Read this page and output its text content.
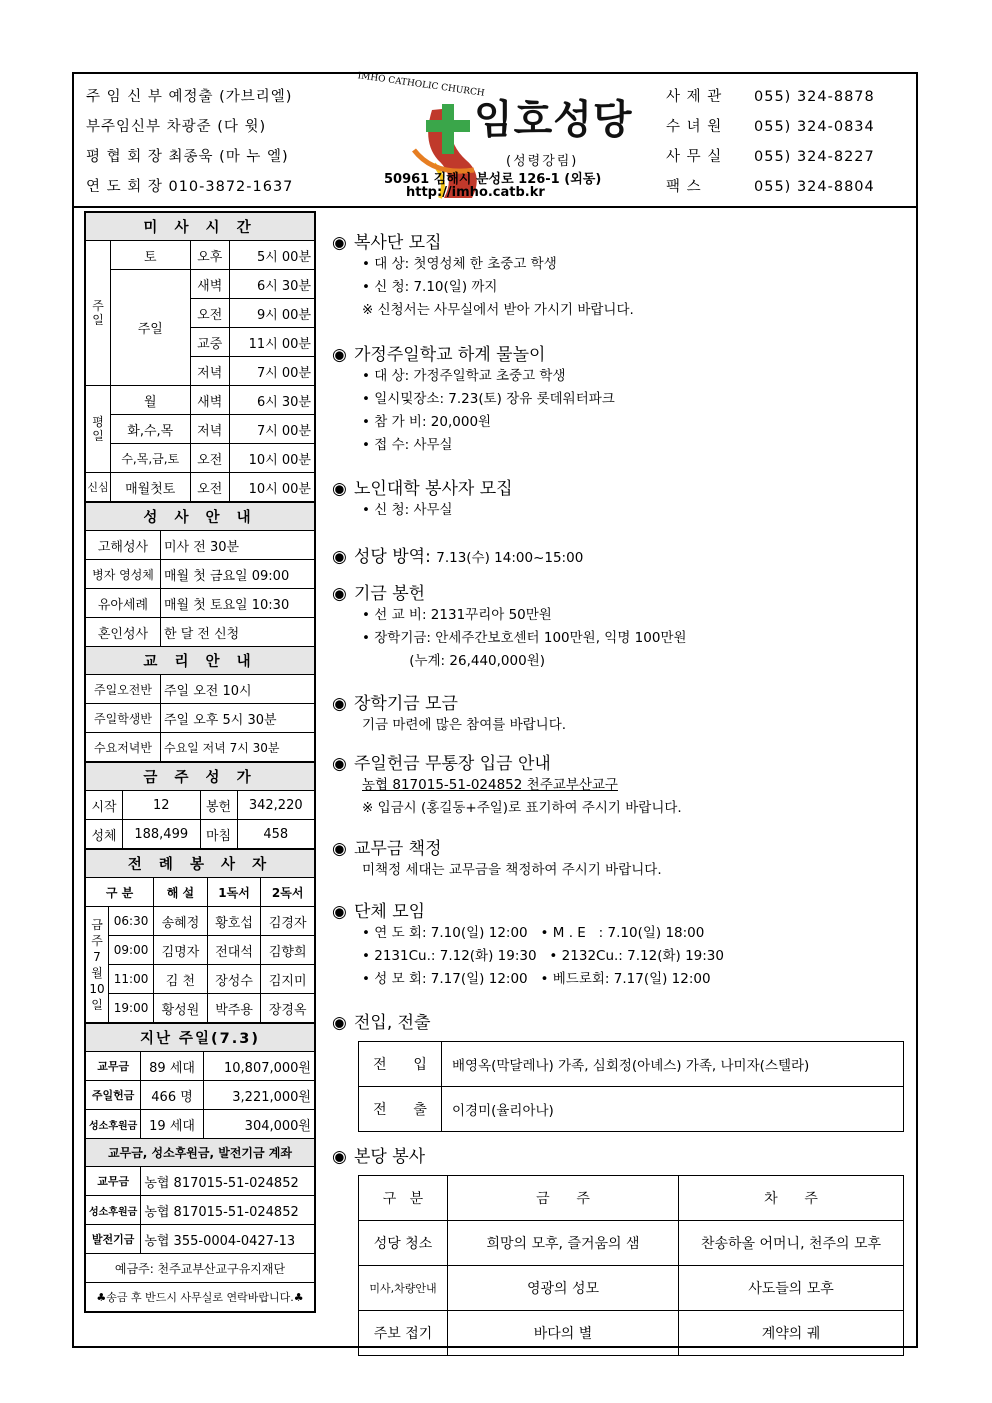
주 임 신 부 예정출 (가브리엘)
부주임신부 차광준 (다 윗)
평 협 회 장 최종욱 (마 누 엘)
연 도 회 장 010-3872-1637
IMHO CATHOLIC CHURCH
임호성당
(성령강림)
50961 김해시 분성로 126-1 (외동)
http://imho.catb.kr
사 제 관 055) 324-8878
수 녀 원 055) 324-0834
사 무 실 055) 324-8227
팩 스	055) 324-8804
미 사 시 간			
주일	토	오후	5시 00분
	주일	새벽	6시 30분
		오전	9시 00분
		교중	11시 00분
		저녁	7시 00분
평일	월	새벽	6시 30분
	화,수,목	저녁	7시 00분
	수,목,금,토	오전	10시 00분
신심	매월첫토	오전	10시 00분
성 사 안 내	
고해성사	미사 전 30분
병자 영성체	매월 첫 금요일 09:00
유아세례	매월 첫 토요일 10:30
혼인성사	한 달 전 신청
교 리 안 내	
주일오전반	주일 오전 10시
주일학생반	주일 오후 5시 30분
수요저녁반	수요일 저녁 7시 30분
금 주 성 가			
시작	12	봉헌	342,220
성체	188,499	마침	458
전 례 봉 사 자				
구 분		해 설	1독서	2독서
금주 7월 10일	06:30	송혜정	황호섭	김경자
	09:00	김명자	전대석	김향희
	11:00	김 천	장성수	김지미
	19:00	황성원	박주용	장경옥
지난 주일(7.3)		
교무금	89 세대	10,807,000원
주일헌금	466 명	3,221,000원
성소후원금	19 세대	304,000원
교무금, 성소후원금, 발전기금 계좌		
교무금	농협 817015-51-024852	
성소후원금	농협 817015-51-024852	
발전기금	농협 355-0004-0427-13	
예금주: 천주교부산교구유지재단		
♣송금 후 반드시 사무실로 연락바랍니다.♣		
◉ 복사단 모집
• 대 상: 첫영성체 한 초중고 학생
• 신 청: 7.10(일) 까지
※ 신청서는 사무실에서 받아 가시기 바랍니다.
◉ 가정주일학교 하계 물놀이
• 대 상: 가정주일학교 초중고 학생
• 일시및장소: 7.23(토) 장유 롯데워터파크
• 참 가 비: 20,000원
• 접 수: 사무실
◉ 노인대학 봉사자 모집
• 신 청: 사무실
◉ 성당 방역: 7.13(수) 14:00~15:00
◉ 기금 봉헌
• 선 교 비: 2131꾸리아 50만원
• 장학기금: 안세주간보호센터 100만원, 익명 100만원
(누계: 26,440,000원)
◉ 장학기금 모금
기금 마련에 많은 참여를 바랍니다.
◉ 주일헌금 무통장 입금 안내
농협 817015-51-024852 천주교부산교구
※ 입금시 (홍길동+주일)로 표기하여 주시기 바랍니다.
◉ 교무금 책정
미책정 세대는 교무금을 책정하여 주시기 바랍니다.
◉ 단체 모임
• 연 도 회: 7.10(일) 12:00   • M . E   : 7.10(일) 18:00
• 2131Cu.: 7.12(화) 19:30   • 2132Cu.: 7.12(화) 19:30
• 성 모 회: 7.17(일) 12:00   • 베드로회: 7.17(일) 12:00
◉ 전입, 전출
전      입	배영옥(막달레나) 가족, 심회정(아녜스) 가족, 나미자(스텔라)
전      출	이경미(율리아나)
◉ 본당 봉사
구   분	금      주	차      주
성당 청소	희망의 모후, 즐거움의 샘	찬송하올 어머니, 천주의 모후
미사,차량안내	영광의 성모	사도들의 모후
주보 접기	바다의 별	계약의 궤
